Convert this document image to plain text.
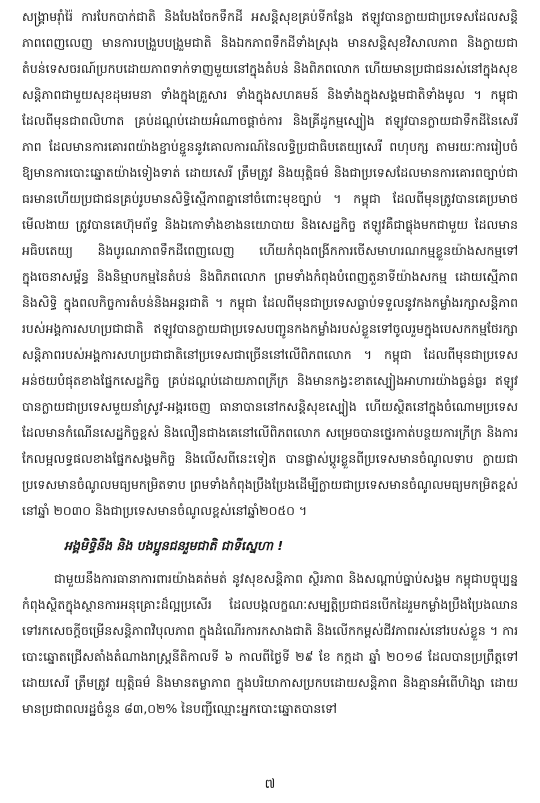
សង្គ្រាមរ៉ាំរ៉ៃ ការបែកបាក់ជាតិ និងបែងចែកទឹកដី អសន្តិសុខគ្រប់ទីកន្លែង ឥឡូវបានក្លាយជាប្រទេសដែលសន្តិភាពពេញលេញ មានការបង្រួបបង្រួមជាតិ និងឯកភាពទឹកដីទាំងស្រុង មានសន្តិសុខវិសាលភាព និងក្លាយជាតំបន់ទេសចរណ៍ប្រកបដោយភាពទាក់ទាញមួយនៅក្នុងតំបន់ និងពិភពលោក ហើយមានប្រជាជនរស់នៅក្នុងសុខសន្តិភាពជាមួយសុខដុមរមនា ទាំងក្នុងគ្រួសារ ទាំងក្នុងសហគមន៍ និងទាំងក្នុងសង្គមជាតិទាំងមូល ។ កម្ពុជា ដែលពីមុនជាពលិហាត គ្រប់ដណ្តប់ដោយអំណាចផ្តាច់ការ និងគ្រីដូកម្មស្បៀង ឥឡូវបានក្លាយជាទឹកដីនៃសេរីភាព ដែលមានការគោរពយ៉ាងខ្ជាប់ខ្ជួននូវគោលការណ៍នៃលទ្ធិប្រជាធិបតេយ្យសេរី ពហុបក្ស តាមរយៈការរៀបចំឱ្យមានការបោះឆ្នោតយ៉ាងទៀងទាត់ ដោយសេរី ត្រឹមត្រូវ និងយុត្តិធម៌ និងជាប្រទេសដែលមានការគោរពច្បាប់ជាធរមានហើយប្រជាជនគ្រប់រូបមានសិទ្ធិស្មើភាពគ្នានៅចំពោះមុខច្បាប់ ។ កម្ពុជា ដែលពីមុនត្រូវបានគេប្រមាថមើលងាយ ត្រូវបានគេហ៊ុមព័ទ្ធ និងឯកោទាំងខាងនយោបាយ និងសេដ្ឋកិច្ច ឥឡូវគឺជាផ្លុងមកជាមួយ ដែលមានអធិបតេយ្យ និងបូរណភាពទឹកដីពេញលេញ ហើយកំពុងពង្រីកការចើសមាហរណកម្មខ្លួនយ៉ាងសកម្មទៅក្នុងចេនាសម្ព័ន្ធ និងនិម្មាបកម្មនៃតំបន់ និងពិភពលោក ព្រមទាំងកំពុងបំពេញតួនាទីយ៉ាងសកម្ម ដោយស្មើភាព និងសិទ្ធិ ក្នុងពលកិច្ចការតំបន់និងអន្តរជាតិ ។ កម្ពុជា ដែលពីមុនជាប្រទេសធ្លាប់ទទួលនូវកងកម្លាំងរក្សាសន្តិភាពរបស់អង្គការសហប្រជាជាតិ ឥឡូវបានក្លាយជាប្រទេសបញ្ជូនកងកម្លាំងរបស់ខ្លួនទៅចូលរួមក្នុងបេសកកម្មថែរក្សាសន្តិភាពរបស់អង្គការសហប្រជាជាតិនៅប្រទេសជាច្រើននៅលើពិភពលោក ។ កម្ពុជា ដែលពីមុនជាប្រទេសអន់ថយបំផុតខាងផ្នែកសេដ្ឋកិច្ច គ្រប់ដណ្តប់ដោយភាពក្រីក្រ និងមានកង្វះខាតស្បៀងអាហារយ៉ាងធ្ងន់ធ្ងរ ឥឡូវបានក្លាយជាប្រទេសមួយនាំស្រូវ-អង្ករចេញ ធានាបាននៅកសន្តិសុខស្បៀង ហើយស្ថិតនៅក្នុងចំណោមប្រទេសដែលមានកំណើនសេដ្ឋកិច្ចខ្ពស់ និងលឿនជាងគេនៅលើពិភពលោក សម្រេចបានថ្នេរកាត់បន្ថយការក្រីក្រ និងការកែលម្អលទ្ធផលខាងផ្នែកសង្គមកិច្ច និងលើសពីនេះទៀត បានផ្លាស់ប្តូរខ្លួនពីប្រទេសមានចំណូលទាប ក្លាយជាប្រទេសមានចំណូលមធ្យមកម្រិតទាប ព្រមទាំងកំពុងប្រឹងប្រែងដើម្បីក្លាយជាប្រទេសមានចំណូលមធ្យមកម្រិតខ្ពស់នៅឆ្នាំ ២០៣០ និងជាប្រទេសមានចំណូលខ្ពស់នៅឆ្នាំ២០៥០ ។

អង្គមិទ្ធិនឹង និង បងប្អូនជនរួមជាតិ ជាទីស្នេហា !

ជាមួយនឹងការធានាការពារយ៉ាងគត់មត់ នូវសុខសន្តិភាព ស្ថិរភាព និងសណ្តាប់ធ្នាប់សង្គម កម្ពុជាបច្ចុប្បន្នកំពុងស្ថិតក្នុងស្ថានការអនុគ្រោះដ៏ល្អប្រសើរ ដែលបង្កលក្ខណៈសម្បត្តិប្រជាជនបើកដៃរួមកម្លាំងប្រឹងប្រែងឈានទៅរកសេចក្តីចម្រើនសន្តិភាពវិបុលភាព ក្នុងដំណើរការកសាងជាតិ និងលើកកម្ពស់ជីវភាពរស់នៅរបស់ខ្លួន ។ ការបោះឆ្នោតជ្រើសតាំងតំណាងរាស្ត្រនីតិកាលទី ៦ កាលពីថ្ងៃទី ២៩ ខែ កក្កដា ឆ្នាំ ២០១៨ ដែលបានប្រព្រឹត្តទៅដោយសេរី ត្រឹមត្រូវ យុត្តិធម៌ និងមានតម្លាភាព ក្នុងបរិយាកាសប្រកបដោយសន្តិភាព និងគ្មានអំពើហិង្សា ដោយមានប្រជាពលរដ្ឋចំនួន ៨៣,០២% នៃបញ្ជីឈ្មោះអ្នកបោះឆ្នោតបានទៅ

៧
